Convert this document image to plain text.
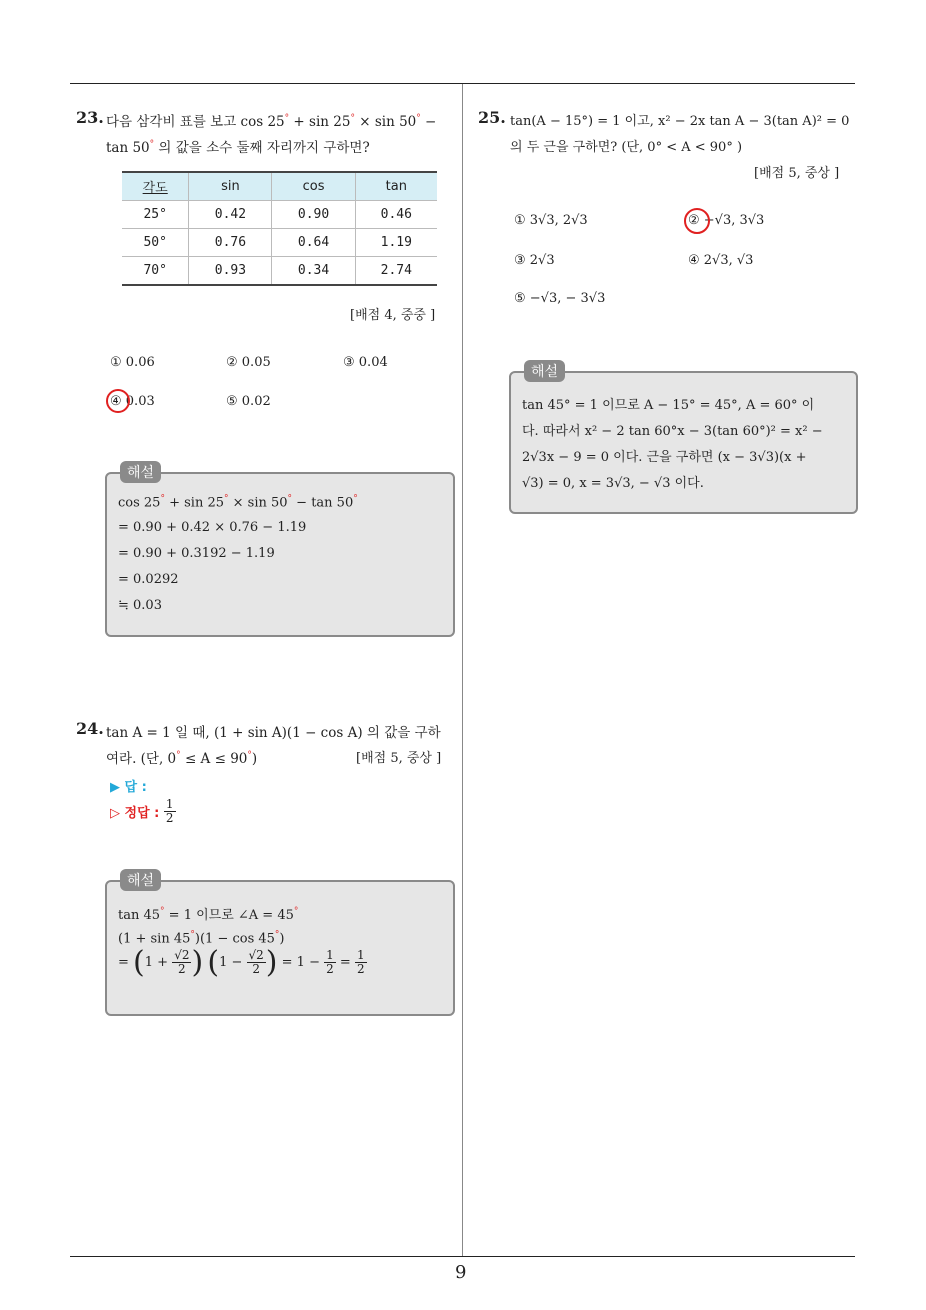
9
23. 다음 삼각비 표를 보고 cos 25° + sin 25° × sin 50° −
tan 50° 의 값을 소수 둘째 자리까지 구하면?
각도	sin	cos	tan
25°	0.42	0.90	0.46
50°	0.76	0.64	1.19
70°	0.93	0.34	2.74
[배점 4, 중중 ]
① 0.06	② 0.05	③ 0.04
④ 0.03	⑤ 0.02
해설
cos 25° + sin 25° × sin 50° − tan 50°
= 0.90 + 0.42 × 0.76 − 1.19
= 0.90 + 0.3192 − 1.19
= 0.0292
≒ 0.03
24. tan A = 1 일 때, (1 + sin A)(1 − cos A) 의 값을 구하
여라. (단, 0° ≤ A ≤ 90°)	[배점 5, 중상 ]
▶ 답 :
▷ 정답 : $\frac{1}{2}$
해설
tan 45° = 1 이므로 ∠A = 45°
(1 + sin 45°)(1 − cos 45°)
= ($1 + \frac{√2}{2}$ ) ($1 - \frac{√2}{2}$ ) = $1 - \frac{1}{2} = \frac{1}{2}$
25. tan(A − 15°) = 1 이고, x² − 2x tan A − 3(tan A)² = 0
의 두 근을 구하면? (단, 0° < A < 90° )
[배점 5, 중상 ]
① 3√3, 2√3	② −√3, 3√3
③ 2√3	④ 2√3, √3
⑤ −√3, − 3√3
해설
tan 45° = 1 이므로 A − 15° = 45°, A = 60° 이
다. 따라서 x² − 2 tan 60°x − 3(tan 60°)² = x² −
2√3x − 9 = 0 이다. 근을 구하면 (x − 3√3)(x +
√3) = 0, x = 3√3, − √3 이다.
